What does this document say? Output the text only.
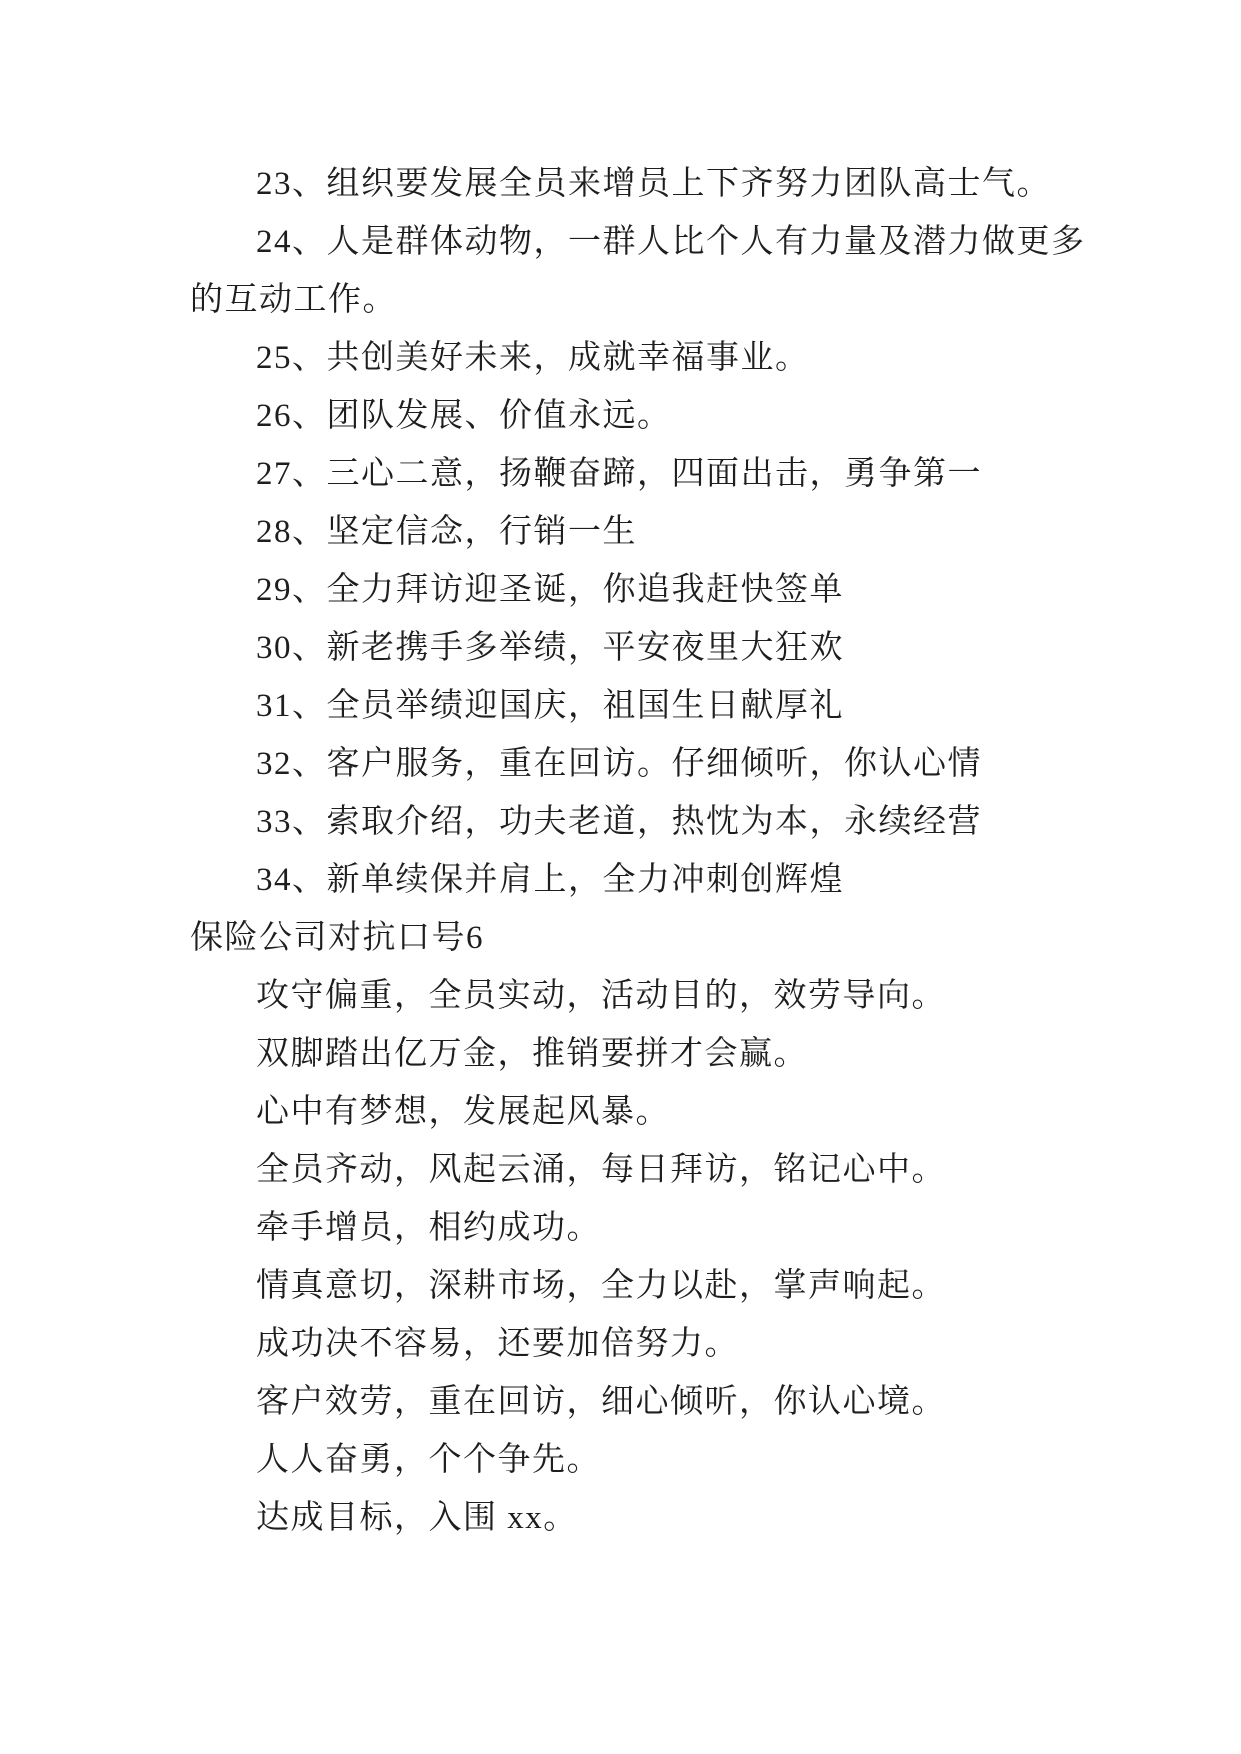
23、组织要发展全员来增员上下齐努力团队高士气。

24、人是群体动物，一群人比个人有力量及潜力做更多

的互动工作。

25、共创美好未来，成就幸福事业。

26、团队发展、价值永远。

27、三心二意，扬鞭奋蹄，四面出击，勇争第一

28、坚定信念，行销一生

29、全力拜访迎圣诞，你追我赶快签单

30、新老携手多举绩，平安夜里大狂欢

31、全员举绩迎国庆，祖国生日献厚礼

32、客户服务，重在回访。仔细倾听，你认心情

33、索取介绍，功夫老道，热忱为本，永续经营

34、新单续保并肩上，全力冲刺创辉煌

保险公司对抗口号6

攻守偏重，全员实动，活动目的，效劳导向。

双脚踏出亿万金，推销要拼才会赢。

心中有梦想，发展起风暴。

全员齐动，风起云涌，每日拜访，铭记心中。

牵手增员，相约成功。

情真意切，深耕市场，全力以赴，掌声响起。

成功决不容易，还要加倍努力。

客户效劳，重在回访，细心倾听，你认心境。

人人奋勇，个个争先。

达成目标，入围 xx。
